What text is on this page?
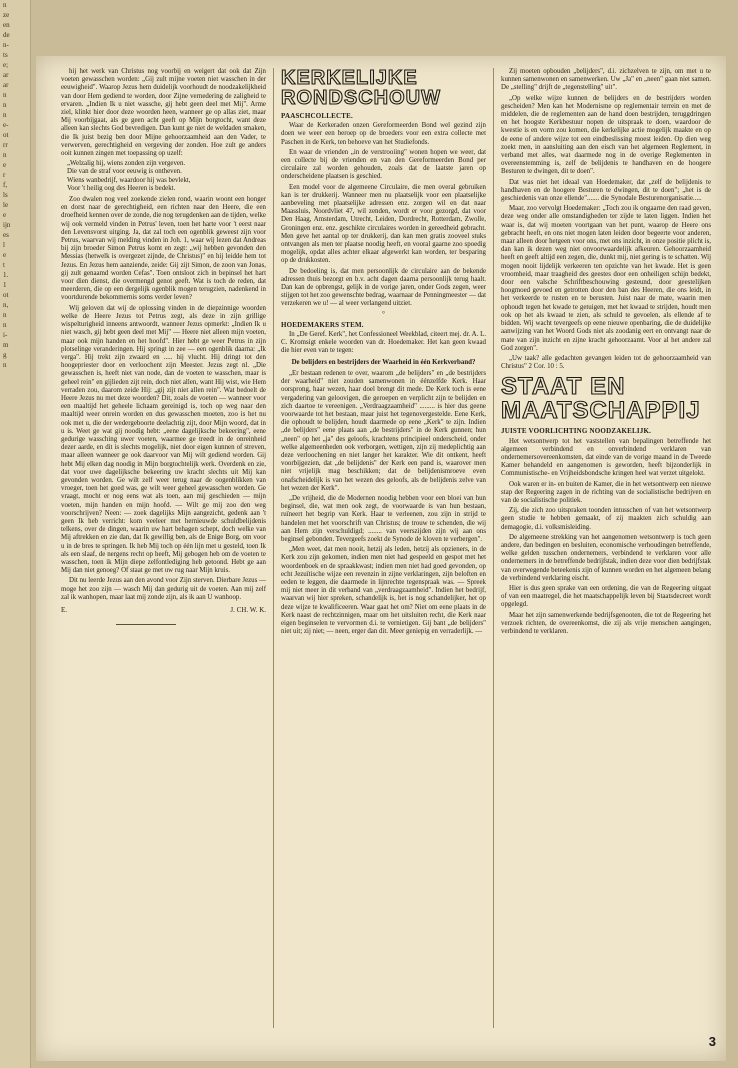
n
ze
en
de
n-
ts
e;
ar
ar
n
n
n
e-
ot
rr
n
e
r
f,
ls
le
e
ijn
es
l
e
t
1.
1
ot
n,
n
n
i-
m
g
n

hij het werk van Christus nog voorbij en weigert dat ook dat Zijn voeten gewasschen worden: „Gij zult mijne voeten niet wasschen in der eeuwigheid". Waarop Jezus hem duidelijk voorhoudt de noodzakelijkheid van door Hem gediend te worden, door Zijne vernedering de zaligheid te ervaren. „Indien Ik u niet wassche, gij hebt geen deel met Mij". Arme ziel, klinkt hier door deze woorden heen, wanneer ge op allas ziet, maar Mij voorbijgaat, als ge geen acht geeft op Mijn borgtocht, want deze alleen kan slechts God bevredigen. Dan kunt ge niet de weldaden smaken, die Ik juist bezig ben door Mijne gehoorzaamheid aan den Vader, te verwerven, gerechtigheid en vergeving der zonden. Hoe zult ge anders ooit kunnen zingen met toepassing op uzelf:

„Welzalig hij, wiens zonden zijn vergeven.
Die van de straf voor eeuwig is ontheven.
Wiens wanbedrijf, waardoor hij was bevlekt,
Voor 't heilig oog des Heeren is bedekt.

Zoo dwalen nog veel zoekende zielen rond, waarin woont een honger en dorst naar de gerechtigheid, een richten naar den Heere, die een droefheid kennen over de zonde, die nog terugdenken aan de tijden, welke wij ook vermeld vinden in Petrus' leven, toen het harte voor 't eerst naar den Levensvorst uitging. Ja, dat zal toch een ogenblik geweest zijn voor Petrus, waarvan wij melding vinden in Joh. 1, waar wij lezen dat Andreas bij zijn broeder Simon Petrus komt en zegt: „wij hebben gevonden den Messias (hetwelk is overgezet zijnde, de Christus)" en hij leidde hem tot Jezus. En Jezus hem aanziende, zeide: Gij zijt Simon, de zoon van Jonas, gij zult genaamd worden Cefas". Toen ontsloot zich in bepinsel het hart voor dien dienst, die overmengd genot geeft. Wat is toch de reden, dat meerderen, die op een dergelijk ogenblik mogen terugzien, nadenkend in voortdurende bekommernis soms verder leven?

Wij geloven dat wij de oplossing vinden in de diepzinnige woorden welke de Heere Jezus tot Petrus zegt, als deze in zijn grillige wispelturigheid inneens antwoordt, wanneer Jezus opmerkt: „Indien Ik u niet wasch, gij hebt geen deel met Mij" — Heere niet alleen mijn voeten, maar ook mijn handen en het hoofd". Hier hebt ge weer Petrus in zijn plotselinge veranderingen. Hij springt in zee — een ogenblik daarna: „Ik verga". Hij trekt zijn zwaard en ..... hij vlucht. Hij dringt tot den hoogepriester door en verloochent zijn Meester. Jezus zegt nl. „Die gewasschen is, heeft niet van node, dan de voeten te wasschen, maar is geheel rein" en gijlieden zijt rein, doch niet allen, want Hij wist, wie Hem verraden zou, daarom zeide Hij: „gij zijt niet allen rein". Wat bedoelt de Heere Jezus nu met deze woorden? Dit, zoals de voeten — wanneer voor een maaltijd het geheele lichaam gereinigd is, toch op weg naar den maaltijd weer onrein worden en dus gewasschen moeten, zoo is het nu ook met u, die der wedergeboorte deelachtig zijt, door Mijn woord, dat in u is. Weet ge wat gij noodig hebt: „eene dagelijksche bekeering", eene gedurige wassching uwer voeten, waarmee ge treedt in de onreinheid dezer aarde, en dit is slechts mogelijk, niet door eigen kunnen of streven, maar alleen wanneer ge ook daarvoor van Mij wilt gediend worden. Gij hebt Mij elken dag noodig in Mijn borgtochtelijk werk. Overdenk en zie, dat voor uwe dagelijksche bekeering uw kracht slechts uit Mij kan gevonden worden. Ge wilt zelf weer terug naar de oogenblikken van vroeger, toen het goed was, ge wilt weer geheel gewasschen worden. Ge vraagt, mocht er nog eens wat als toen, aan mij geschieden — mijn voeten, mijn handen en mijn hoofd. — Wilt ge mij zoo den weg voorschrijven? Neen: — zoek dagelijks Mijn aangezicht, gedenk aan 't geen Ik heb verricht: kom veeleer met hernieuwde schuldbelijdenis telkens, over de dingen, waarin uw hart behagen schept, doch welke van Mij aftrekken en zie dan, dat Ik gewillig ben, als de Enige Borg, om voor u in de bres te springen. Ik heb Mij toch op één lijn met u gesteld, toen Ik als een slaaf, de nergens recht op heeft, Mij gebogen heb om de voeten te wasschen, toen ik Mijn diepe zelfontlediging heb getoond. Hebt ge aan Mij dan niet genoeg? Of staat ge met uw rug naar Mijn kruis.

Dit nu leerde Jezus aan den avond voor Zijn sterven. Dierbare Jezus — moge het zoo zijn — wasch Mij dan gedurig uit de voeten. Aan mij zelf zal ik wanhopen, maar laat mij zonde zijn, als ik aan U wanhoop.

E.	J. CH. W. K.
KERKELIJKE
RONDSCHOUW

PAASCHCOLLECTE.

Waar de Kerkeraden onzen Gereformeerden Bond wel gezind zijn doen we weer een beroep op de broeders voor een extra collecte met Paschen in de Kerk, ten behoeve van het Studiefonds.

En waar de vrienden „in de verstrooiing" wonen hopen we weer, dat een collecte bij de vrienden en van den Gereformeerden Bond per circulaire zal worden gehouden, zoals dat de laatste jaren op onderscheidene plaatsen is geschied.

Een model voor de algemeene Circulaire, die men overal gebruiken kan is ter drukkerij. Wanneer men nu plaatselijk voor een plaatselijke aanbeveling met plaatselijke adressen enz. zorgen wil en dat naar Maassluis, Noordvliet 47, wil zenden, wordt er voor gezorgd, dat voor Den Haag, Amsterdam, Utrecht, Leiden, Dordrecht, Rotterdam, Zwolle, Groningen enz. enz. geschikte circulaires worden in gereedheid gebracht. Men geve het aantal op ter drukkerij, dan kan men gratis zooveel stuks ontvangen als men ter plaatse noodig heeft, en vooral gaarne zoo spoedig mogelijk, opdat alles achter elkaar afgewerkt kan worden, ter besparing op de drukkosten.

De bedoeling is, dat men persoonlijk de circulaire aan de bekende adressen thuis bezorgt en b.v. acht dagen daarna persoonlijk terug haalt. Dan kan de opbrengst, gelijk in de vorige jaren, onder Gods zegen, weer stijgen tot het zoo gewenschte bedrag, waarnaar de Penningmeester — dat verzekeren we u! — al weer verlangend uitziet.

°

HOEDEMAKERS STEM.

In „De Geref. Kerk", het Confessioneel Weekblad, citeert mej. dr. A. L. C. Kromsigt enkele woorden van dr. Hoedemaker. Het kan geen kwaad die hier even van te tegen:

De belijders en bestrijders der Waarheid in één Kerkverband?

„Er bestaan redenen te over, waarom „de belijders" en „de bestrijders der waarheid" niet zouden samenwonen in éénzelfde Kerk. Haar oorsprong, haar wezen, haar doel brengt dit mede. De Kerk toch is eene vergadering van geloovigen, die geroepen en verplicht zijn te belijden en zich daartoe te vereenigen. „Verdraagzaamheid" ......... is hier dus geene voorwaarde tot het bestaan, maar juist het tegenovergestelde. Eene Kerk, die ophoudt te belijden, houdt daarmede op eene „Kerk" te zijn. Indien „de belijders" eene plaats aan „de bestrijders" in de Kerk gunnen; hun „neen" op het „ja" des geloofs, krachtens principieel onderscheid, onder welke algemeenheden ook verborgen, wettigen, zijn zij medeplichtig aan deze verloochening en niet langer het karakter. Wie dit ontkent, heeft voorbijgezien, dat „de belijdenis" der Kerk een pand is, waarover men niet vrijelijk mag beschikken; dat de belijdenismroeve even onafscheidelijk is van het wezen des geloofs, als de belijdenis zelve van het wezen der Kerk".

„De vrijheid, die de Modernen noodig hebben voor een bloei van hun beginsel, die, wat men ook zegt, de voorwaarde is van hun bestaan, ruïneert het begrip van Kerk. Haar te verleenen, zou zijn in strijd te handelen met het voorschrift van Christus; de trouw te schenden, die wij aan Hem zijn verschuldigd; ........ van veerszijden zijn wij aan ons beginsel gebonden. Tevergeefs zoekt de Synode de kloven te verbergen".

„Men weet, dat men nooit, hetzij als leden, hetzij als opzieners, in de Kerk zou zijn gekomen, indien men niet had gespeeld en gespot met het woordenboek en de spraakkwast; indien men niet had goed gevonden, op echt Jezuïtische wijze een revenzin in zijne verklaringen, zijn beloften en eeden te leggen, die daarmede in lijnrechte tegenspraak was. — Spreek mij niet meer in dit verband van „verdraagzaamheid". Indien het bedrijf, waarvan wij hier spreken, schandelijk is, het is nog schandelijker, het op deze wijze te kwalificeeren. Waar gaat het om? Niet om eene plaats in de Kerk naast de rechtzinnigen, maar om het uitsluiten recht, die Kerk naar eigen beginselen te vervormen d.i. te vernietigen. Gij bant „de belijders" niet uit; zij niet; — neen, erger dan dit. Meer geniepig en verraderlijk. —

Zij moeten opbouden „belijders", d.i. zichzelven te zijn, om met u te kunnen samenwonen en samenwerken. Uw „Ja" en „neen" gaan niet samen. De „stelling" drijft de „tegenstelling" uit".

„Op welke wijze kunnen de belijders en de bestrijders worden gescheiden? Men kan het Modernisme op reglementair terrein en met de middelen, die de reglementen aan de hand doen bestrijden, teruggdringen en het hoogste Kerkbestuur nopen de uitspraak te doen, waardoor de kwestie is en vorm zou komen, die kerkelijke actie mogelijk maakte en op de eene of andere wijze tot een eindbeslissing moest leiden. Op dien weg zoekt men, in aansluiting aan den eisch van het algemeen Reglement, in verband met alles, wat daarmede nog in de overige Reglementen in overeenstemming is, zelf de belijdenis te handhaven en de hoogere Besturen te dwingen, dit te doen".

Dat was niet het ideaal van Hoedemaker, dat „zelf de belijdenis te handhaven en de hoogere Besturen te dwingen, dit te doen"; „het is de geschiedenis van onze ellende"....... die Synodale Besturenorganisatie.....

Maar, zoo vervolgt Hoedemaker: „Toch zou ik ongaarne den raad geven, deze weg onder alle omstandigheden ter zijde te laten liggen. Indien het waar is, dat wij moeten voortgaan van het punt, waarop de Heere ons gebracht heeft, en ons niet mogen laten leiden door begeerte voor anderen, maar alleen door hetgeen voor ons, met ons inzicht, in onze positie plicht is, dan kan ik dezen weg niet onvoorwaardelijk afkeuren. Gehoorzaamheid heeft en geeft altijd een zegen, die, dunkt mij, niet gering is te schatten. Wij mogen nooit lijdelijk verkeeren ten opzichte van het kwade. Het is geen vroomheid, maar traagheid des geestes door een onheiligen schijn bedekt, door een valsche Schriftbeschouwing gesteund, door geestelijken hoogmoed gevoed en getrotten door den ban des Heeren, die ons leidt, in het verkeerde te rusten en te berusten. Juist naar de mate, waarin men ophoudt tegen het kwade te getuigen, met het kwaad te strijden, houdt men ook op het als kwaad te zien, als schuld te gevoelen, als ellende af te bidden. Wij wacht tevergeefs op eene nieuwe openbaring, die de duidelijke aanwijzing van het Woord Gods niet als zoodanig eert en ontvangt naar de mate van zijn inzicht en zijne kracht gehoorzaamt. Voor al het andere zal God zorgen".

„Uw taak? alle gedachten gevangen leiden tot de gehoorzaamheid van Christus" 2 Cor. 10 : 5.

STAAT EN
MAATSCHAPPIJ

JUISTE VOORLICHTING NOODZAKELIJK.

Het wetsontwerp tot het vaststellen van bepalingen betreffende het algemeen verbindend en onverbindend verklaren van ondernemersovereenkomsten, dat einde van de vorige maand in de Tweede Kamer behandeld en aangenomen is geworden, heeft bijzonderlijk in Communistische- en Vrijheidsbondsche kringen heel wat verzet uitgelokt.

Ook waren er in- en buiten de Kamer, die in het wetsontwerp een nieuwe stap der Regeering zagen in de richting van de socialistische bedrijven en van de socialistische politiek.

Zij, die zich zoo uitspraken toonden intusschen of van het wetsontwerp geen studie te hebben gemaakt, of zij maakten zich schuldig aan demagogie, d.i. volksmisleiding.

De algemeene strekking van het aangenomen wetsontwerp is toch geen andere, dan bedingen en besluiten, economische verhoudingen betreffende, welke gelden tusschen ondernemers, verbindend te verklaren voor alle ondernemers in de betreffende bedrijfstak, indien deze voor dien bedrijfstak van overwegende beteekenis zijn of kunnen worden en het algemeen belang de verbindend verklaring eischt.

Hier is dus geen sprake van een ordening, die van de Regeering uitgaat of van een maatregel, die het maatschappelijk leven bij Staatsdecreet wordt opgelegd.

Maar het zijn samenwerkende bedrijfsgenooten, die tot de Regeering het verzoek richten, de overeenkomst, die zij als vrije menschen aangingen, verbindend te verklaren.

3
